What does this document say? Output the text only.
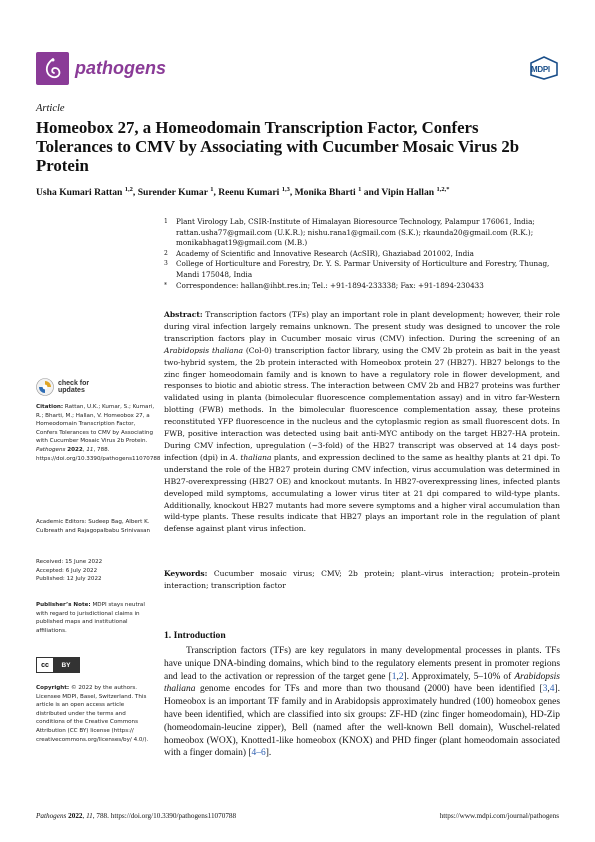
pathogens	MDPI
Article
Homeobox 27, a Homeodomain Transcription Factor, Confers Tolerances to CMV by Associating with Cucumber Mosaic Virus 2b Protein
Usha Kumari Rattan $^{1,2}$, Surender Kumar $^1$, Reenu Kumari $^{1,3}$, Monika Bharti $^1$ and Vipin Hallan $^{1,2,*}$
1	Plant Virology Lab, CSIR-Institute of Himalayan Bioresource Technology, Palampur 176061, India; rattan.usha77@gmail.com (U.K.R.); nishu.rana1@gmail.com (S.K.); rkaunda20@gmail.com (R.K.); monikabhagat19@gmail.com (M.B.)
2	Academy of Scientific and Innovative Research (AcSIR), Ghaziabad 201002, India
3	College of Horticulture and Forestry, Dr. Y. S. Parmar University of Horticulture and Forestry, Thunag, Mandi 175048, India
*	Correspondence: hallan@ihbt.res.in; Tel.: +91-1894-233338; Fax: +91-1894-230433
check for
updates
Citation: Rattan, U.K.; Kumar, S.; Kumari, R.; Bharti, M.; Hallan, V. Homeobox 27, a Homeodomain Transcription Factor, Confers Tolerances to CMV by Associating with Cucumber Mosaic Virus 2b Protein. Pathogens 2022, 11, 788. https://doi.org/10.3390/pathogens11070788
Academic Editors: Sudeep Bag, Albert K. Culbreath and Rajagopalbabu Srinivasan
Received: 15 June 2022
Accepted: 6 July 2022
Published: 12 July 2022
Publisher’s Note: MDPI stays neutral with regard to jurisdictional claims in published maps and institutional affiliations.
cc	BY
Copyright: © 2022 by the authors. Licensee MDPI, Basel, Switzerland. This article is an open access article distributed under the terms and conditions of the Creative Commons Attribution (CC BY) license (https:// creativecommons.org/licenses/by/ 4.0/).
Abstract: Transcription factors (TFs) play an important role in plant development; however, their role during viral infection largely remains unknown. The present study was designed to uncover the role transcription factors play in Cucumber mosaic virus (CMV) infection. During the screening of an Arabidopsis thaliana (Col-0) transcription factor library, using the CMV 2b protein as bait in the yeast two-hybrid system, the 2b protein interacted with Homeobox protein 27 (HB27). HB27 belongs to the zinc finger homeodomain family and is known to have a regulatory role in flower development, and responses to biotic and abiotic stress. The interaction between CMV 2b and HB27 proteins was further validated using in planta (bimolecular fluorescence complementation assay) and in vitro far-Western blotting (FWB) methods. In the bimolecular fluorescence complementation assay, these proteins reconstituted YFP fluorescence in the nucleus and the cytoplasmic region as small fluorescent dots. In FWB, positive interaction was detected using bait anti-MYC antibody on the target HB27-HA protein. During CMV infection, upregulation (~3-fold) of the HB27 transcript was observed at 14 days post-infection (dpi) in A. thaliana plants, and expression declined to the same as healthy plants at 21 dpi. To understand the role of the HB27 protein during CMV infection, virus accumulation was determined in HB27-overexpressing (HB27 OE) and knockout mutants. In HB27-overexpressing lines, infected plants developed mild symptoms, accumulating a lower virus titer at 21 dpi compared to wild-type plants. Additionally, knockout HB27 mutants had more severe symptoms and a higher viral accumulation than wild-type plants. These results indicate that HB27 plays an important role in the regulation of plant defense against plant virus infection.
Keywords: Cucumber mosaic virus; CMV; 2b protein; plant–virus interaction; protein–protein interaction; transcription factor
1. Introduction

Transcription factors (TFs) are key regulators in many developmental processes in plants. TFs have unique DNA-binding domains, which bind to the regulatory elements present in promoter regions and lead to the activation or repression of the target gene [1,2]. Approximately, 5–10% of Arabidopsis thaliana genome encodes for TFs and more than two thousand (2000) have been identified [3,4]. Homeobox is an important TF family and in Arabidopsis approximately hundred (100) homeobox genes have been identified, which are classified into six groups: ZF-HD (zinc finger homeodomain), HD-Zip (homeodomain-leucine zipper), Bell (named after the well-known Bell domain), Wuschel-related homeobox (WOX), Knotted1-like homeobox (KNOX) and PHD finger (plant homeodomain associated with a finger domain) [4–6].

Pathogens 2022, 11, 788. https://doi.org/10.3390/pathogens11070788	https://www.mdpi.com/journal/pathogens
